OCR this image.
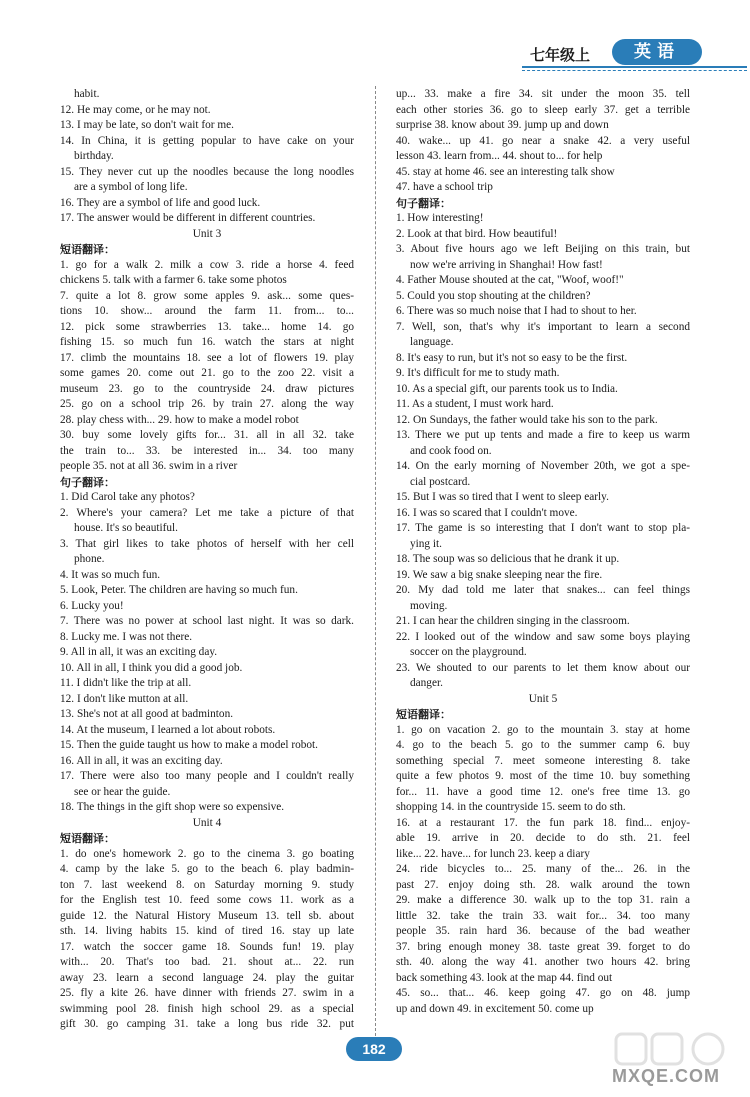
七年级上	英语
habit.
12. He may come, or he may not.
13. I may be late, so don't wait for me.
14. In China, it is getting popular to have cake on your
birthday.
15. They never cut up the noodles because the long noodles
are a symbol of long life.
16. They are a symbol of life and good luck.
17. The answer would be different in different countries.
Unit 3
短语翻译：
1. go for a walk 2. milk a cow 3. ride a horse 4. feed
chickens 5. talk with a farmer 6. take some photos
7. quite a lot 8. grow some apples 9. ask... some ques-
tions 10. show... around the farm 11. from... to...
12. pick some strawberries 13. take... home 14. go
fishing 15. so much fun 16. watch the stars at night
17. climb the mountains 18. see a lot of flowers 19. play
some games 20. come out 21. go to the zoo 22. visit a
museum 23. go to the countryside 24. draw pictures
25. go on a school trip 26. by train 27. along the way
28. play chess with... 29. how to make a model robot
30. buy some lovely gifts for... 31. all in all 32. take
the train to... 33. be interested in... 34. too many
people 35. not at all 36. swim in a river
句子翻译：
1. Did Carol take any photos?
2. Where's your camera? Let me take a picture of that
house. It's so beautiful.
3. That girl likes to take photos of herself with her cell
phone.
4. It was so much fun.
5. Look, Peter. The children are having so much fun.
6. Lucky you!
7. There was no power at school last night. It was so dark.
8. Lucky me. I was not there.
9. All in all, it was an exciting day.
10. All in all, I think you did a good job.
11. I didn't like the trip at all.
12. I don't like mutton at all.
13. She's not at all good at badminton.
14. At the museum, I learned a lot about robots.
15. Then the guide taught us how to make a model robot.
16. All in all, it was an exciting day.
17. There were also too many people and I couldn't really
see or hear the guide.
18. The things in the gift shop were so expensive.
Unit 4
短语翻译：
1. do one's homework 2. go to the cinema 3. go boating
4. camp by the lake 5. go to the beach 6. play badmin-
ton 7. last weekend 8. on Saturday morning 9. study
for the English test 10. feed some cows 11. work as a
guide 12. the Natural History Museum 13. tell sb. about
sth. 14. living habits 15. kind of tired 16. stay up late
17. watch the soccer game 18. Sounds fun! 19. play
with... 20. That's too bad. 21. shout at... 22. run
away 23. learn a second language 24. play the guitar
25. fly a kite 26. have dinner with friends 27. swim in a
swimming pool 28. finish high school 29. as a special
gift 30. go camping 31. take a long bus ride 32. put
up... 33. make a fire 34. sit under the moon 35. tell
each other stories 36. go to sleep early 37. get a terrible
surprise 38. know about 39. jump up and down
40. wake... up 41. go near a snake 42. a very useful
lesson 43. learn from... 44. shout to... for help
45. stay at home 46. see an interesting talk show
47. have a school trip
句子翻译：
1. How interesting!
2. Look at that bird. How beautiful!
3. About five hours ago we left Beijing on this train, but
now we're arriving in Shanghai! How fast!
4. Father Mouse shouted at the cat, "Woof, woof!"
5. Could you stop shouting at the children?
6. There was so much noise that I had to shout to her.
7. Well, son, that's why it's important to learn a second
language.
8. It's easy to run, but it's not so easy to be the first.
9. It's difficult for me to study math.
10. As a special gift, our parents took us to India.
11. As a student, I must work hard.
12. On Sundays, the father would take his son to the park.
13. There we put up tents and made a fire to keep us warm
and cook food on.
14. On the early morning of November 20th, we got a spe-
cial postcard.
15. But I was so tired that I went to sleep early.
16. I was so scared that I couldn't move.
17. The game is so interesting that I don't want to stop pla-
ying it.
18. The soup was so delicious that he drank it up.
19. We saw a big snake sleeping near the fire.
20. My dad told me later that snakes... can feel things
moving.
21. I can hear the children singing in the classroom.
22. I looked out of the window and saw some boys playing
soccer on the playground.
23. We shouted to our parents to let them know about our
danger.
Unit 5
短语翻译：
1. go on vacation 2. go to the mountain 3. stay at home
4. go to the beach 5. go to the summer camp 6. buy
something special 7. meet someone interesting 8. take
quite a few photos 9. most of the time 10. buy something
for... 11. have a good time 12. one's free time 13. go
shopping 14. in the countryside 15. seem to do sth.
16. at a restaurant 17. the fun park 18. find... enjoy-
able 19. arrive in 20. decide to do sth. 21. feel
like... 22. have... for lunch 23. keep a diary
24. ride bicycles to... 25. many of the... 26. in the
past 27. enjoy doing sth. 28. walk around the town
29. make a difference 30. walk up to the top 31. rain a
little 32. take the train 33. wait for... 34. too many
people 35. rain hard 36. because of the bad weather
37. bring enough money 38. taste great 39. forget to do
sth. 40. along the way 41. another two hours 42. bring
back something 43. look at the map 44. find out
45. so... that... 46. keep going 47. go on 48. jump
up and down 49. in excitement 50. come up
182
MXQE.COM
